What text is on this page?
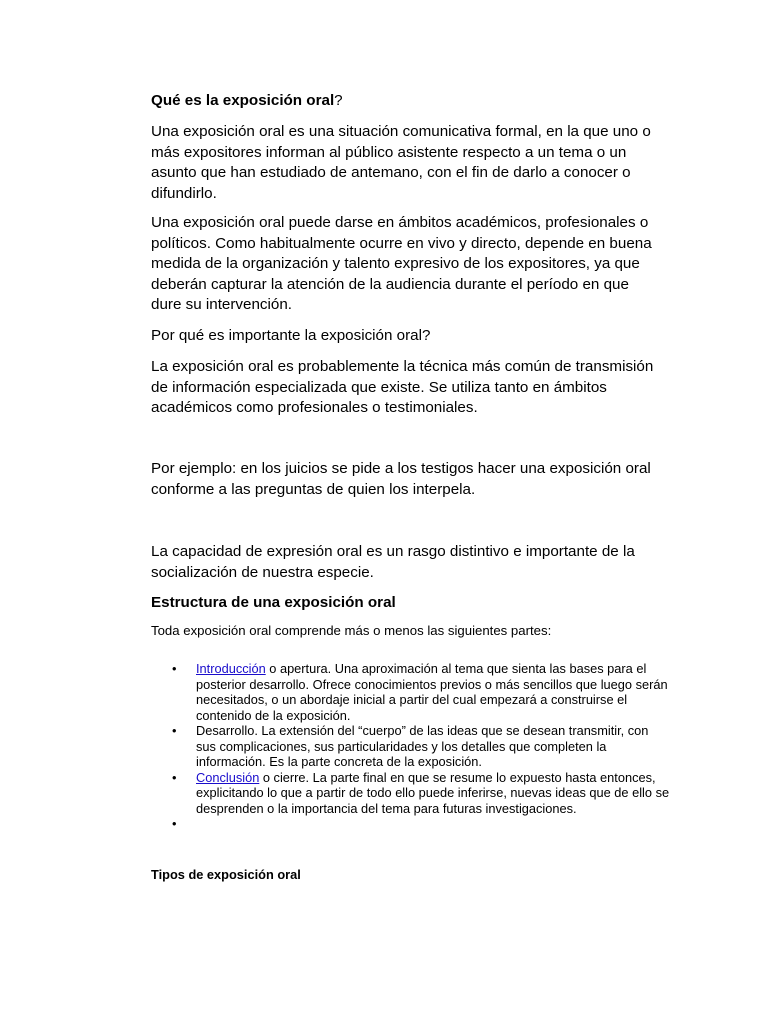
Qué es la exposición oral?

Una exposición oral es una situación comunicativa formal, en la que uno o más expositores informan al público asistente respecto a un tema o un asunto que han estudiado de antemano, con el fin de darlo a conocer o difundirlo.

Una exposición oral puede darse en ámbitos académicos, profesionales o políticos. Como habitualmente ocurre en vivo y directo, depende en buena medida de la organización y talento expresivo de los expositores, ya que deberán capturar la atención de la audiencia durante el período en que dure su intervención.

Por qué es importante la exposición oral?

La exposición oral es probablemente la técnica más común de transmisión de información especializada que existe. Se utiliza tanto en ámbitos académicos como profesionales o testimoniales.

Por ejemplo: en los juicios se pide a los testigos hacer una exposición oral conforme a las preguntas de quien los interpela.

La capacidad de expresión oral es un rasgo distintivo e importante de la socialización de nuestra especie.

Estructura de una exposición oral

Toda exposición oral comprende más o menos las siguientes partes:

• Introducción o apertura. Una aproximación al tema que sienta las bases para el posterior desarrollo. Ofrece conocimientos previos o más sencillos que luego serán necesitados, o un abordaje inicial a partir del cual empezará a construirse el contenido de la exposición.
• Desarrollo. La extensión del “cuerpo” de las ideas que se desean transmitir, con sus complicaciones, sus particularidades y los detalles que completen la información. Es la parte concreta de la exposición.
• Conclusión o cierre. La parte final en que se resume lo expuesto hasta entonces, explicitando lo que a partir de todo ello puede inferirse, nuevas ideas que de ello se desprenden o la importancia del tema para futuras investigaciones.
•

Tipos de exposición oral
